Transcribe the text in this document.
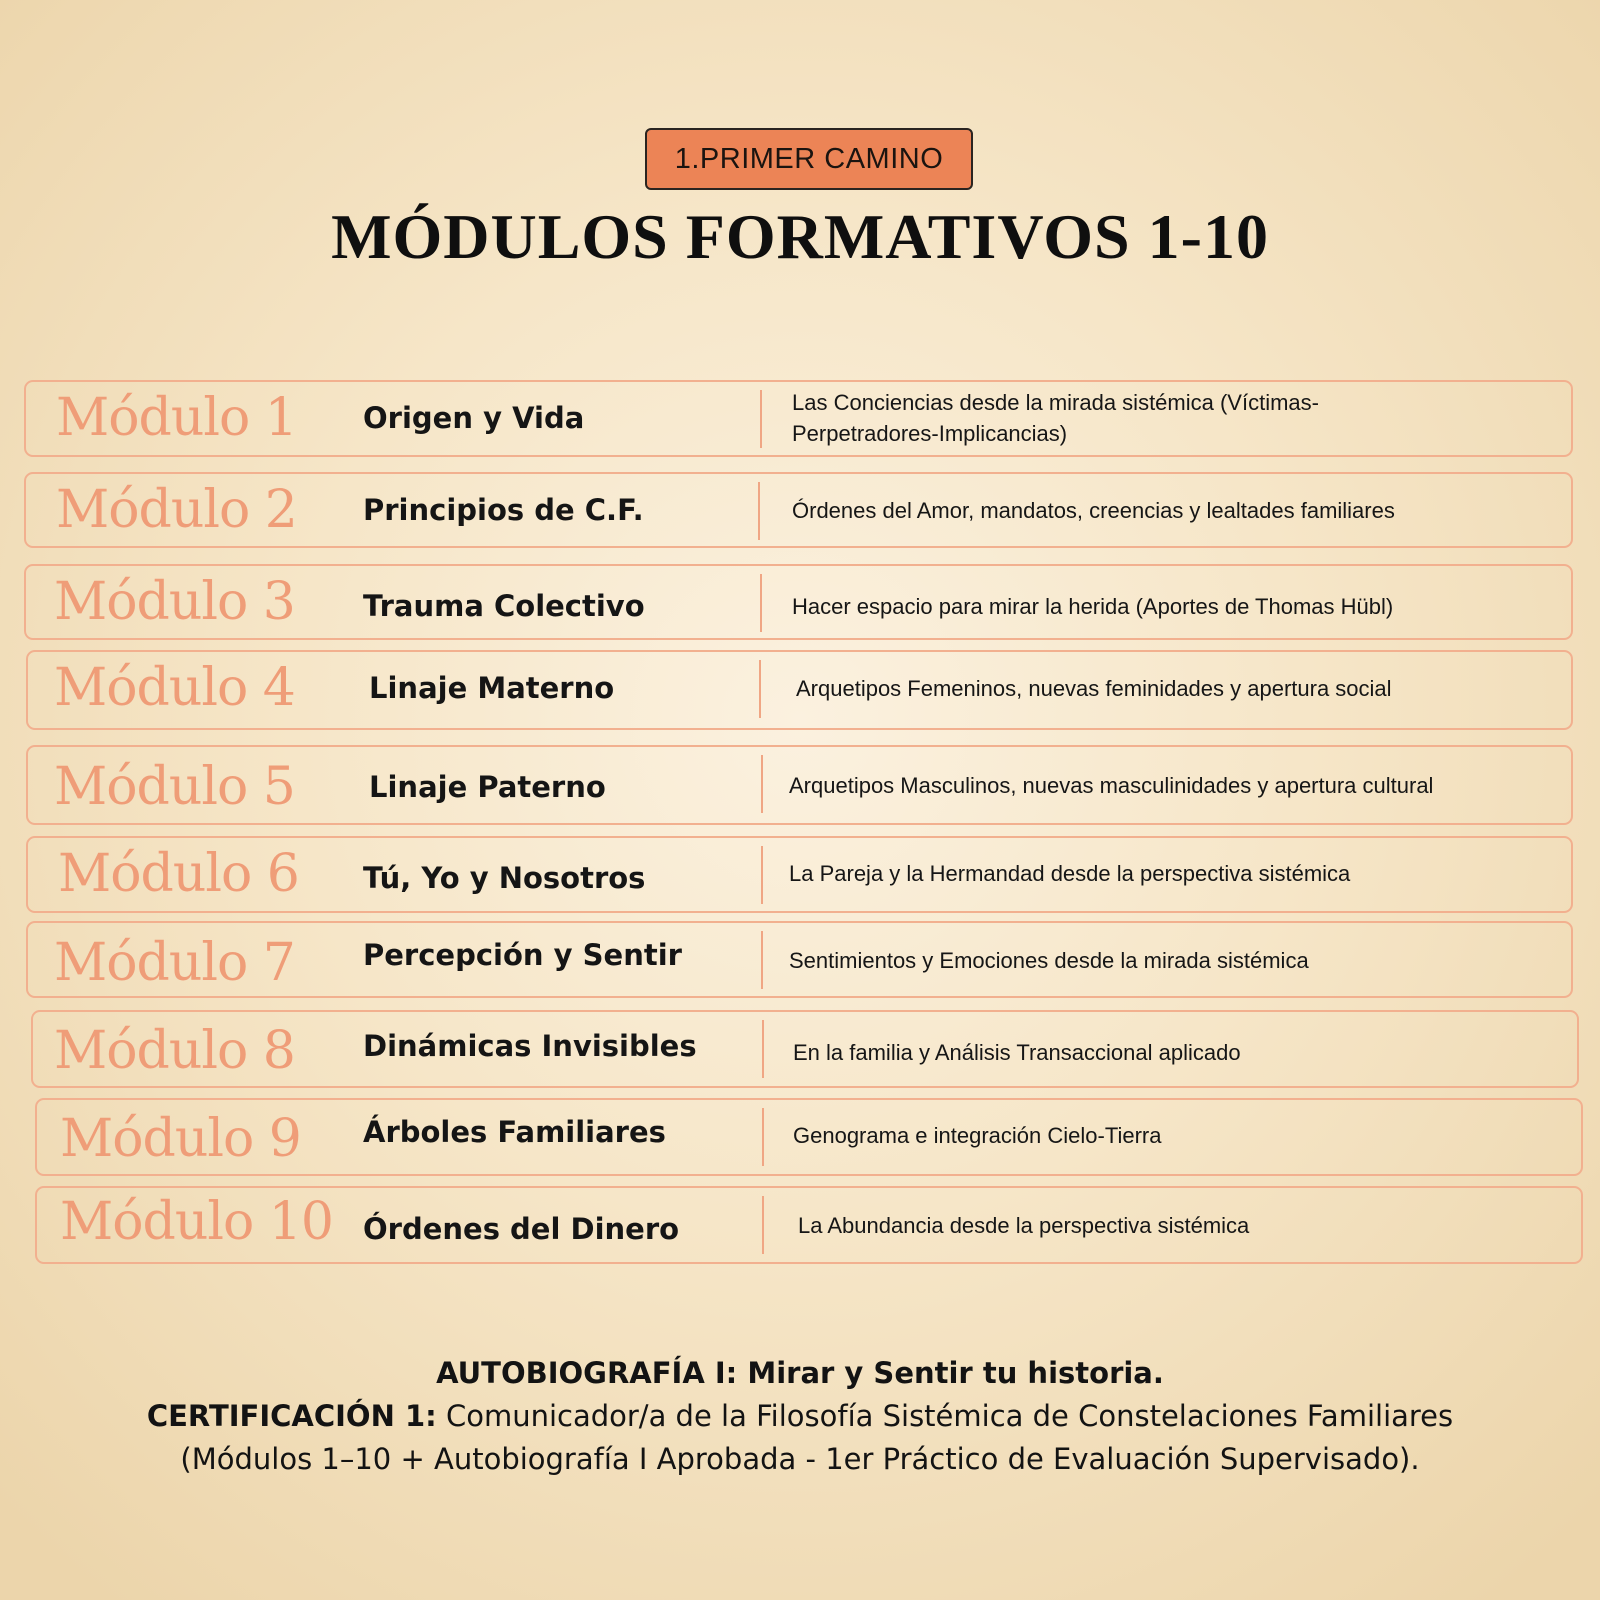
1.PRIMER CAMINO
MÓDULOS FORMATIVOS 1-10
Módulo 1 Origen y Vida	Las Conciencias desde la mirada sistémica (Víctimas-Perpetradores-Implicancias)
Módulo 2 Principios de C.F.	Órdenes del Amor, mandatos, creencias y lealtades familiares
Módulo 3 Trauma Colectivo	Hacer espacio para mirar la herida (Aportes de Thomas Hübl)
Módulo 4	Linaje Materno	Arquetipos Femeninos, nuevas feminidades y apertura social
Módulo 5	Linaje Paterno	Arquetipos Masculinos, nuevas masculinidades y apertura cultural
Módulo 6 Tú, Yo y Nosotros	La Pareja y la Hermandad desde la perspectiva sistémica
Módulo 7 Percepción y Sentir	Sentimientos y Emociones desde la mirada sistémica
Módulo 8 Dinámicas Invisibles	En la familia y Análisis Transaccional aplicado
Módulo 9 Árboles Familiares	Genograma e integración Cielo-Tierra
Módulo 10 Órdenes del Dinero	La Abundancia desde la perspectiva sistémica
AUTOBIOGRAFÍA I: Mirar y Sentir tu historia.
CERTIFICACIÓN 1: Comunicador/a de la Filosofía Sistémica de Constelaciones Familiares
(Módulos 1–10 + Autobiografía I Aprobada - 1er Práctico de Evaluación Supervisado).
